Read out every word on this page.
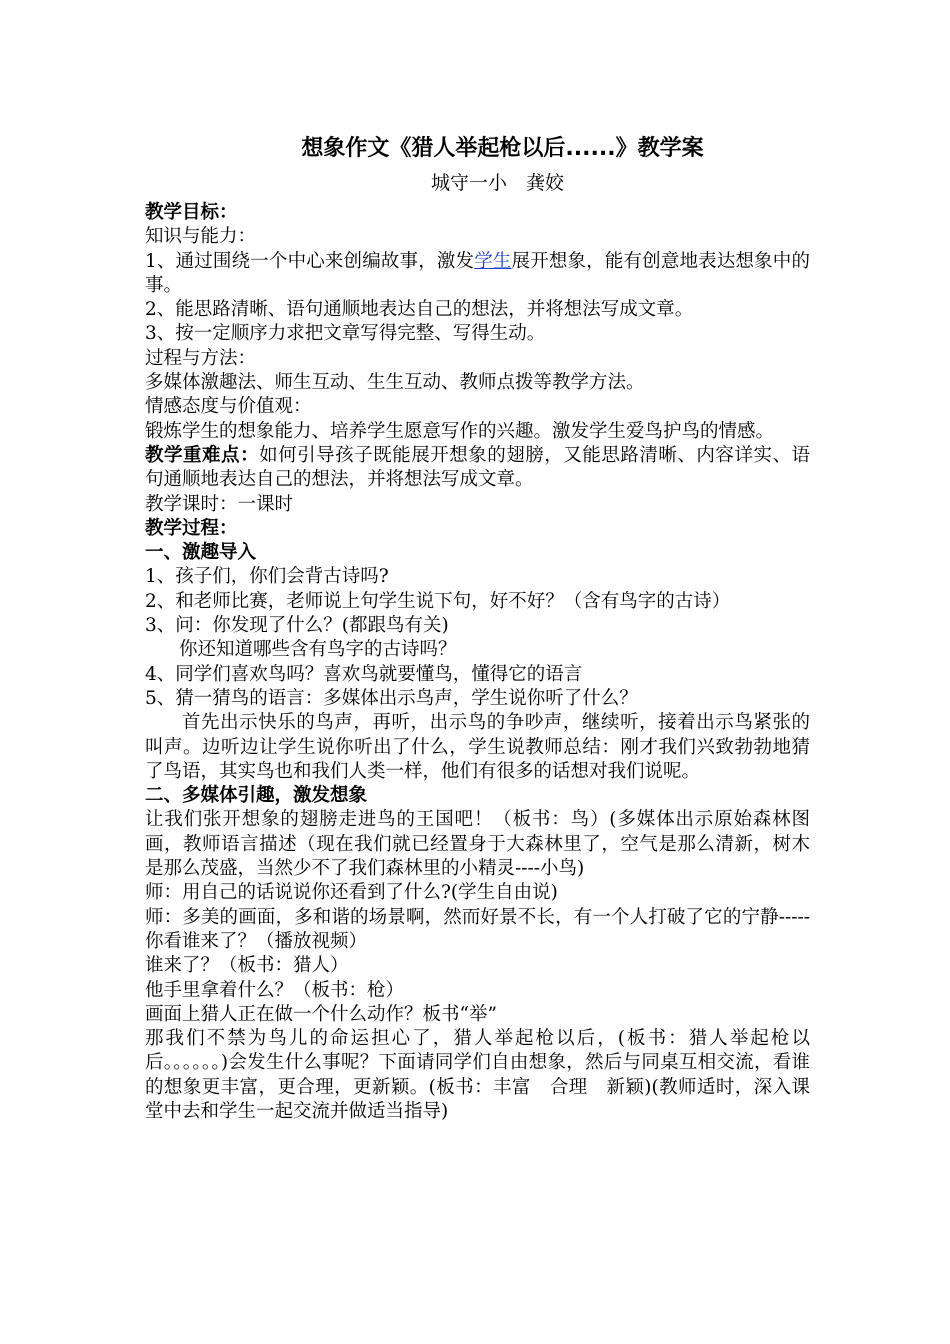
想象作文《猎人举起枪以后......》教学案
城守一小　龚姣
教学目标：
知识与能力：
1、通过围绕一个中心来创编故事，激发学生展开想象，能有创意地表达想象中的事。
2、能思路清晰、语句通顺地表达自己的想法，并将想法写成文章。
3、按一定顺序力求把文章写得完整、写得生动。
过程与方法：
多媒体激趣法、师生互动、生生互动、教师点拨等教学方法。
情感态度与价值观：
锻炼学生的想象能力、培养学生愿意写作的兴趣。激发学生爱鸟护鸟的情感。
教学重难点：如何引导孩子既能展开想象的翅膀，又能思路清晰、内容详实、语句通顺地表达自己的想法，并将想法写成文章。
教学课时：一课时
教学过程：
一、激趣导入
1、孩子们，你们会背古诗吗?
2、和老师比赛，老师说上句学生说下句，好不好？（含有鸟字的古诗）
3、问：你发现了什么？(都跟鸟有关)
你还知道哪些含有鸟字的古诗吗？
4、同学们喜欢鸟吗？喜欢鸟就要懂鸟，懂得它的语言
5、猜一猜鸟的语言：多媒体出示鸟声，学生说你听了什么？
首先出示快乐的鸟声，再听，出示鸟的争吵声，继续听，接着出示鸟紧张的叫声。边听边让学生说你听出了什么，学生说教师总结：刚才我们兴致勃勃地猜了鸟语，其实鸟也和我们人类一样，他们有很多的话想对我们说呢。
二、多媒体引趣，激发想象
让我们张开想象的翅膀走进鸟的王国吧！（板书：鸟）(多媒体出示原始森林图画，教师语言描述（现在我们就已经置身于大森林里了，空气是那么清新，树木是那么茂盛，当然少不了我们森林里的小精灵----小鸟)
师：用自己的话说说你还看到了什么?(学生自由说)
师：多美的画面，多和谐的场景啊，然而好景不长，有一个人打破了它的宁静-----你看谁来了？（播放视频）
谁来了？（板书：猎人）
他手里拿着什么？（板书：枪）
画面上猎人正在做一个什么动作？板书“举”
那我们不禁为鸟儿的命运担心了，猎人举起枪以后，(板书：猎人举起枪以后。。。。。。)会发生什么事呢？下面请同学们自由想象，然后与同桌互相交流，看谁的想象更丰富，更合理，更新颖。(板书：丰富　合理　新颖)(教师适时，深入课堂中去和学生一起交流并做适当指导)
